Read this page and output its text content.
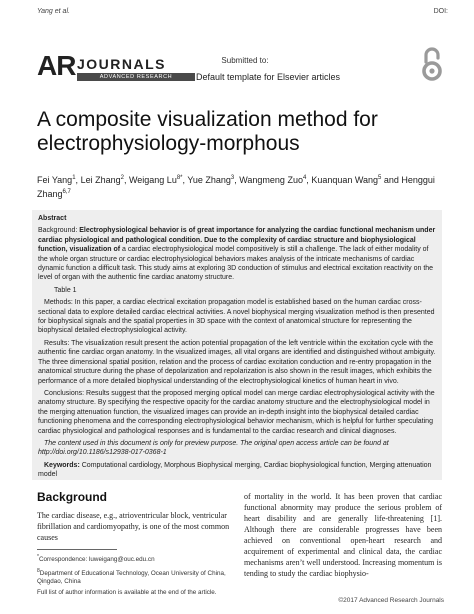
Yang et al.	DOI:
AR JOURNALS
ADVANCED RESEARCH
Submitted to:
Default template for Elsevier articles
A composite visualization method for electrophysiology-morphous
Fei Yang$^1$, Lei Zhang$^2$, Weigang $Lu^{8*}$, Yue Zhang$^3$, Wangmeng Zuo$^4$, Kuanquan Wang$^5$ and Henggui Zhang$^{6,7}$
Abstract

Background: Electrophysiological behavior is of great importance for analyzing the cardiac functional mechanism under cardiac physiological and pathological condition. Due to the complexity of cardiac structure and biophysiological function, visualization of a cardiac electrophysiological model compositively is still a challenge. The lack of either modality of the whole organ structure or cardiac electrophysiological behaviors makes analysis of the intricate mechanisms of cardiac dynamic function a difficult task. This study aims at exploring 3D conduction of stimulus and electrical excitation reactivity on the level of organ with the authentic fine cardiac anatomy structure.

Table 1

Methods: In this paper, a cardiac electrical excitation propagation model is established based on the human cardiac cross-sectional data to explore detailed cardiac electrical activities. A novel biophysical merging visualization method is then presented for biophysical signals and the spatial properties in 3D space with the context of anatomical structure for representing the biophysical detailed electrophysiological activity.

Results: The visualization result present the action potential propagation of the left ventricle within the excitation cycle with the authentic fine cardiac organ anatomy. In the visualized images, all vital organs are identified and distinguished without ambiguity. The three dimensional spatial position, relation and the process of cardiac excitation conduction and re-entry propagation in the anatomical structure during the phase of depolarization and repolarization is also shown in the result images, which exhibits the performance of a more detailed biophysical understanding of the electrophysiological kinetics of human heart in vivo.

Conclusions: Results suggest that the proposed merging optical model can merge cardiac electrophysiological activity with the anatomy structure. By specifying the respective opacity for the cardiac anatomy structure and the electrophysiological model in the merging attenuation function, the visualized images can provide an in-depth insight into the biophysical detailed cardiac functioning phenomena and the corresponding electrophysiological behavior mechanism, which is helpful for further speculating cardiac physiological and pathological responses and is fundamental to the cardiac research and clinical diagnoses.

The content used in this document is only for preview purpose. The original open access article can be found at http://doi.org/10.1186/s12938-017-0368-1

Keywords: Computational cardiology, Morphous Biophysical merging, Cardiac biophysiological function, Merging attenuation model

Background
The cardiac disease, e.g., atrioventricular block, ventricular fibrillation and cardiomyopathy, is one of the most common causes
*Correspondence: luweigang@ouc.edu.cn
$^8$Department of Educational Technology, Ocean University of China, Qingdao, China
Full list of author information is available at the end of the article.
of mortality in the world. It has been proven that cardiac functional abnormity may produce the serious problem of heart disability and are generally life-threatening [1]. Although there are considerable progresses have been achieved on conventional open-heart research and acquirement of experimental and clinical data, the cardiac mechanisms aren’t well understood. Increasing momentum is tending to study the cardiac biophysio-
©2017 Advanced Research Journals
